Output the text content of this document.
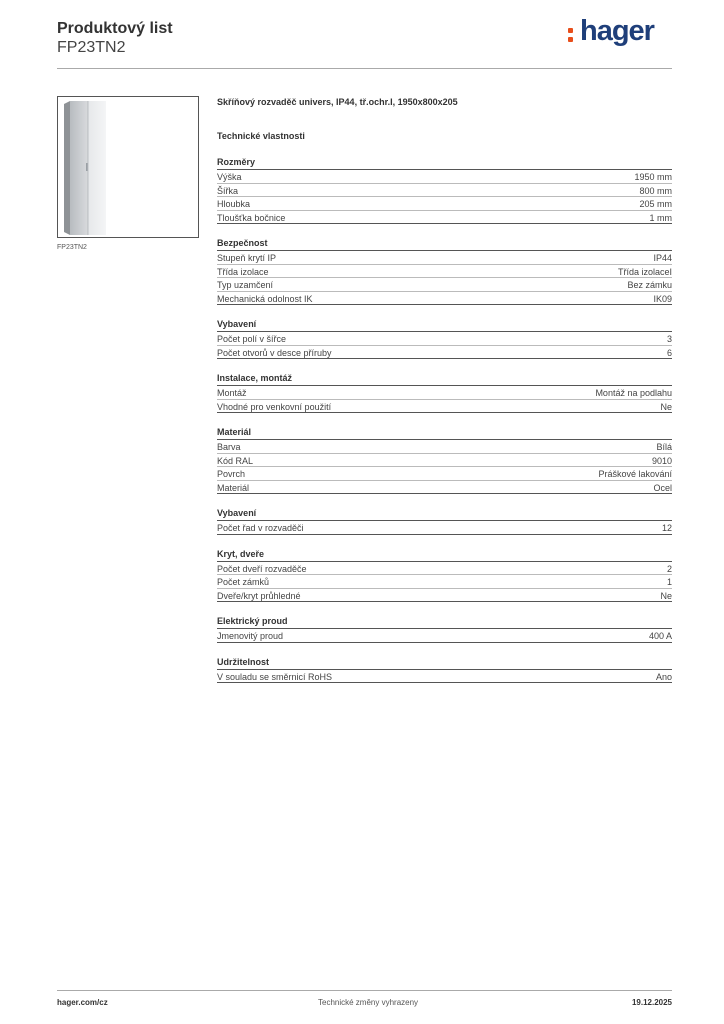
Produktový list
FP23TN2
hager
FP23TN2
Skříňový rozvaděč univers, IP44, tř.ochr.I, 1950x800x205
Technické vlastnosti
Rozměry
Výška	1950 mm
Šířka	800 mm
Hloubka	205 mm
Tloušťka bočnice	1 mm
Bezpečnost
Stupeň krytí IP	IP44
Třída izolace	Třída izolaceI
Typ uzamčení	Bez zámku
Mechanická odolnost IK	IK09
Vybavení
Počet polí v šířce	3
Počet otvorů v desce příruby	6
Instalace, montáž
Montáž	Montáž na podlahu
Vhodné pro venkovní použití	Ne
Materiál
Barva	Bílá
Kód RAL	9010
Povrch	Práškové lakování
Materiál	Ocel
Vybavení
Počet řad v rozvaděči	12
Kryt, dveře
Počet dveří rozvaděče	2
Počet zámků	1
Dveře/kryt průhledné	Ne
Elektrický proud
Jmenovitý proud	400 A
Udržitelnost
V souladu se směrnicí RoHS	Ano
hager.com/cz	Technické změny vyhrazeny	19.12.2025
